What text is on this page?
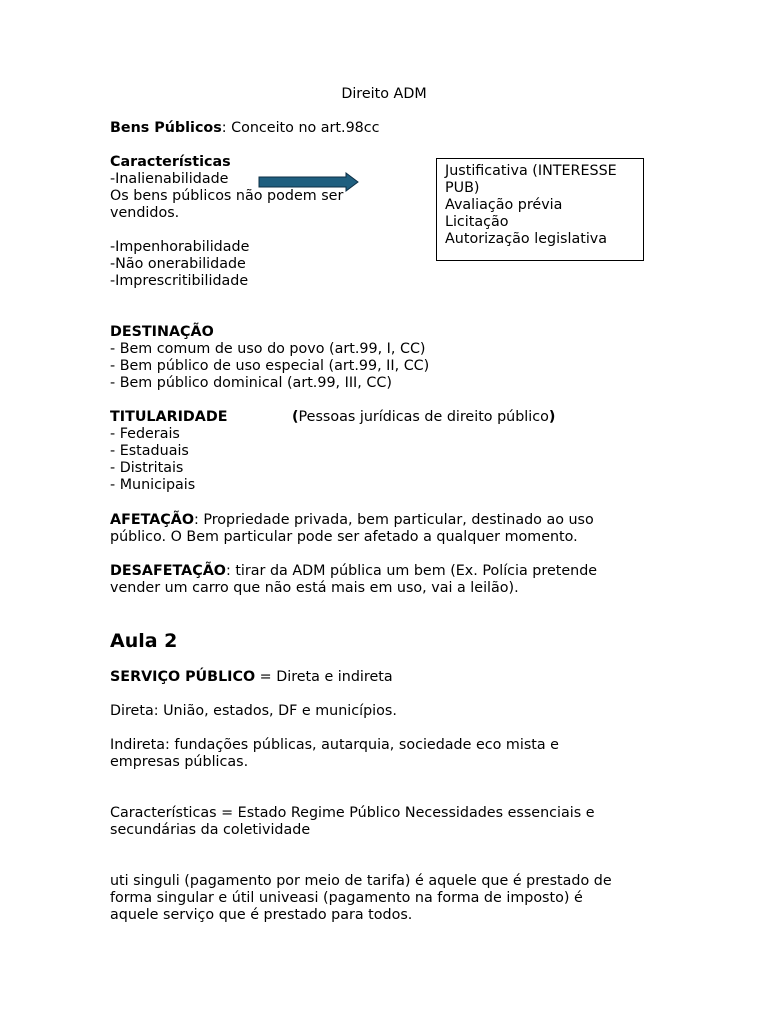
Direito ADM

Bens Públicos: Conceito no art.98cc

Características

-Inalienabilidade

Os bens públicos não podem ser

vendidos.

-Impenhorabilidade

-Não onerabilidade

-Imprescritibilidade

Justificativa (INTERESSE

PUB)

Avaliação prévia

Licitação

Autorização legislativa

DESTINAÇÃO

- Bem comum de uso do povo (art.99, I, CC)

- Bem público de uso especial (art.99, II, CC)

- Bem público dominical (art.99, III, CC)

TITULARIDADE	(Pessoas jurídicas de direito público)

- Federais

- Estaduais

- Distritais

- Municipais

AFETAÇÃO: Propriedade privada, bem particular, destinado ao uso

público. O Bem particular pode ser afetado a qualquer momento.

DESAFETAÇÃO: tirar da ADM pública um bem (Ex. Polícia pretende

vender um carro que não está mais em uso, vai a leilão).

Aula 2

SERVIÇO PÚBLICO = Direta e indireta

Direta: União, estados, DF e municípios.

Indireta: fundações públicas, autarquia, sociedade eco mista e

empresas públicas.

Características = Estado Regime Público Necessidades essenciais e

secundárias da coletividade

uti singuli (pagamento por meio de tarifa) é aquele que é prestado de

forma singular e útil univeasi (pagamento na forma de imposto) é

aquele serviço que é prestado para todos.
